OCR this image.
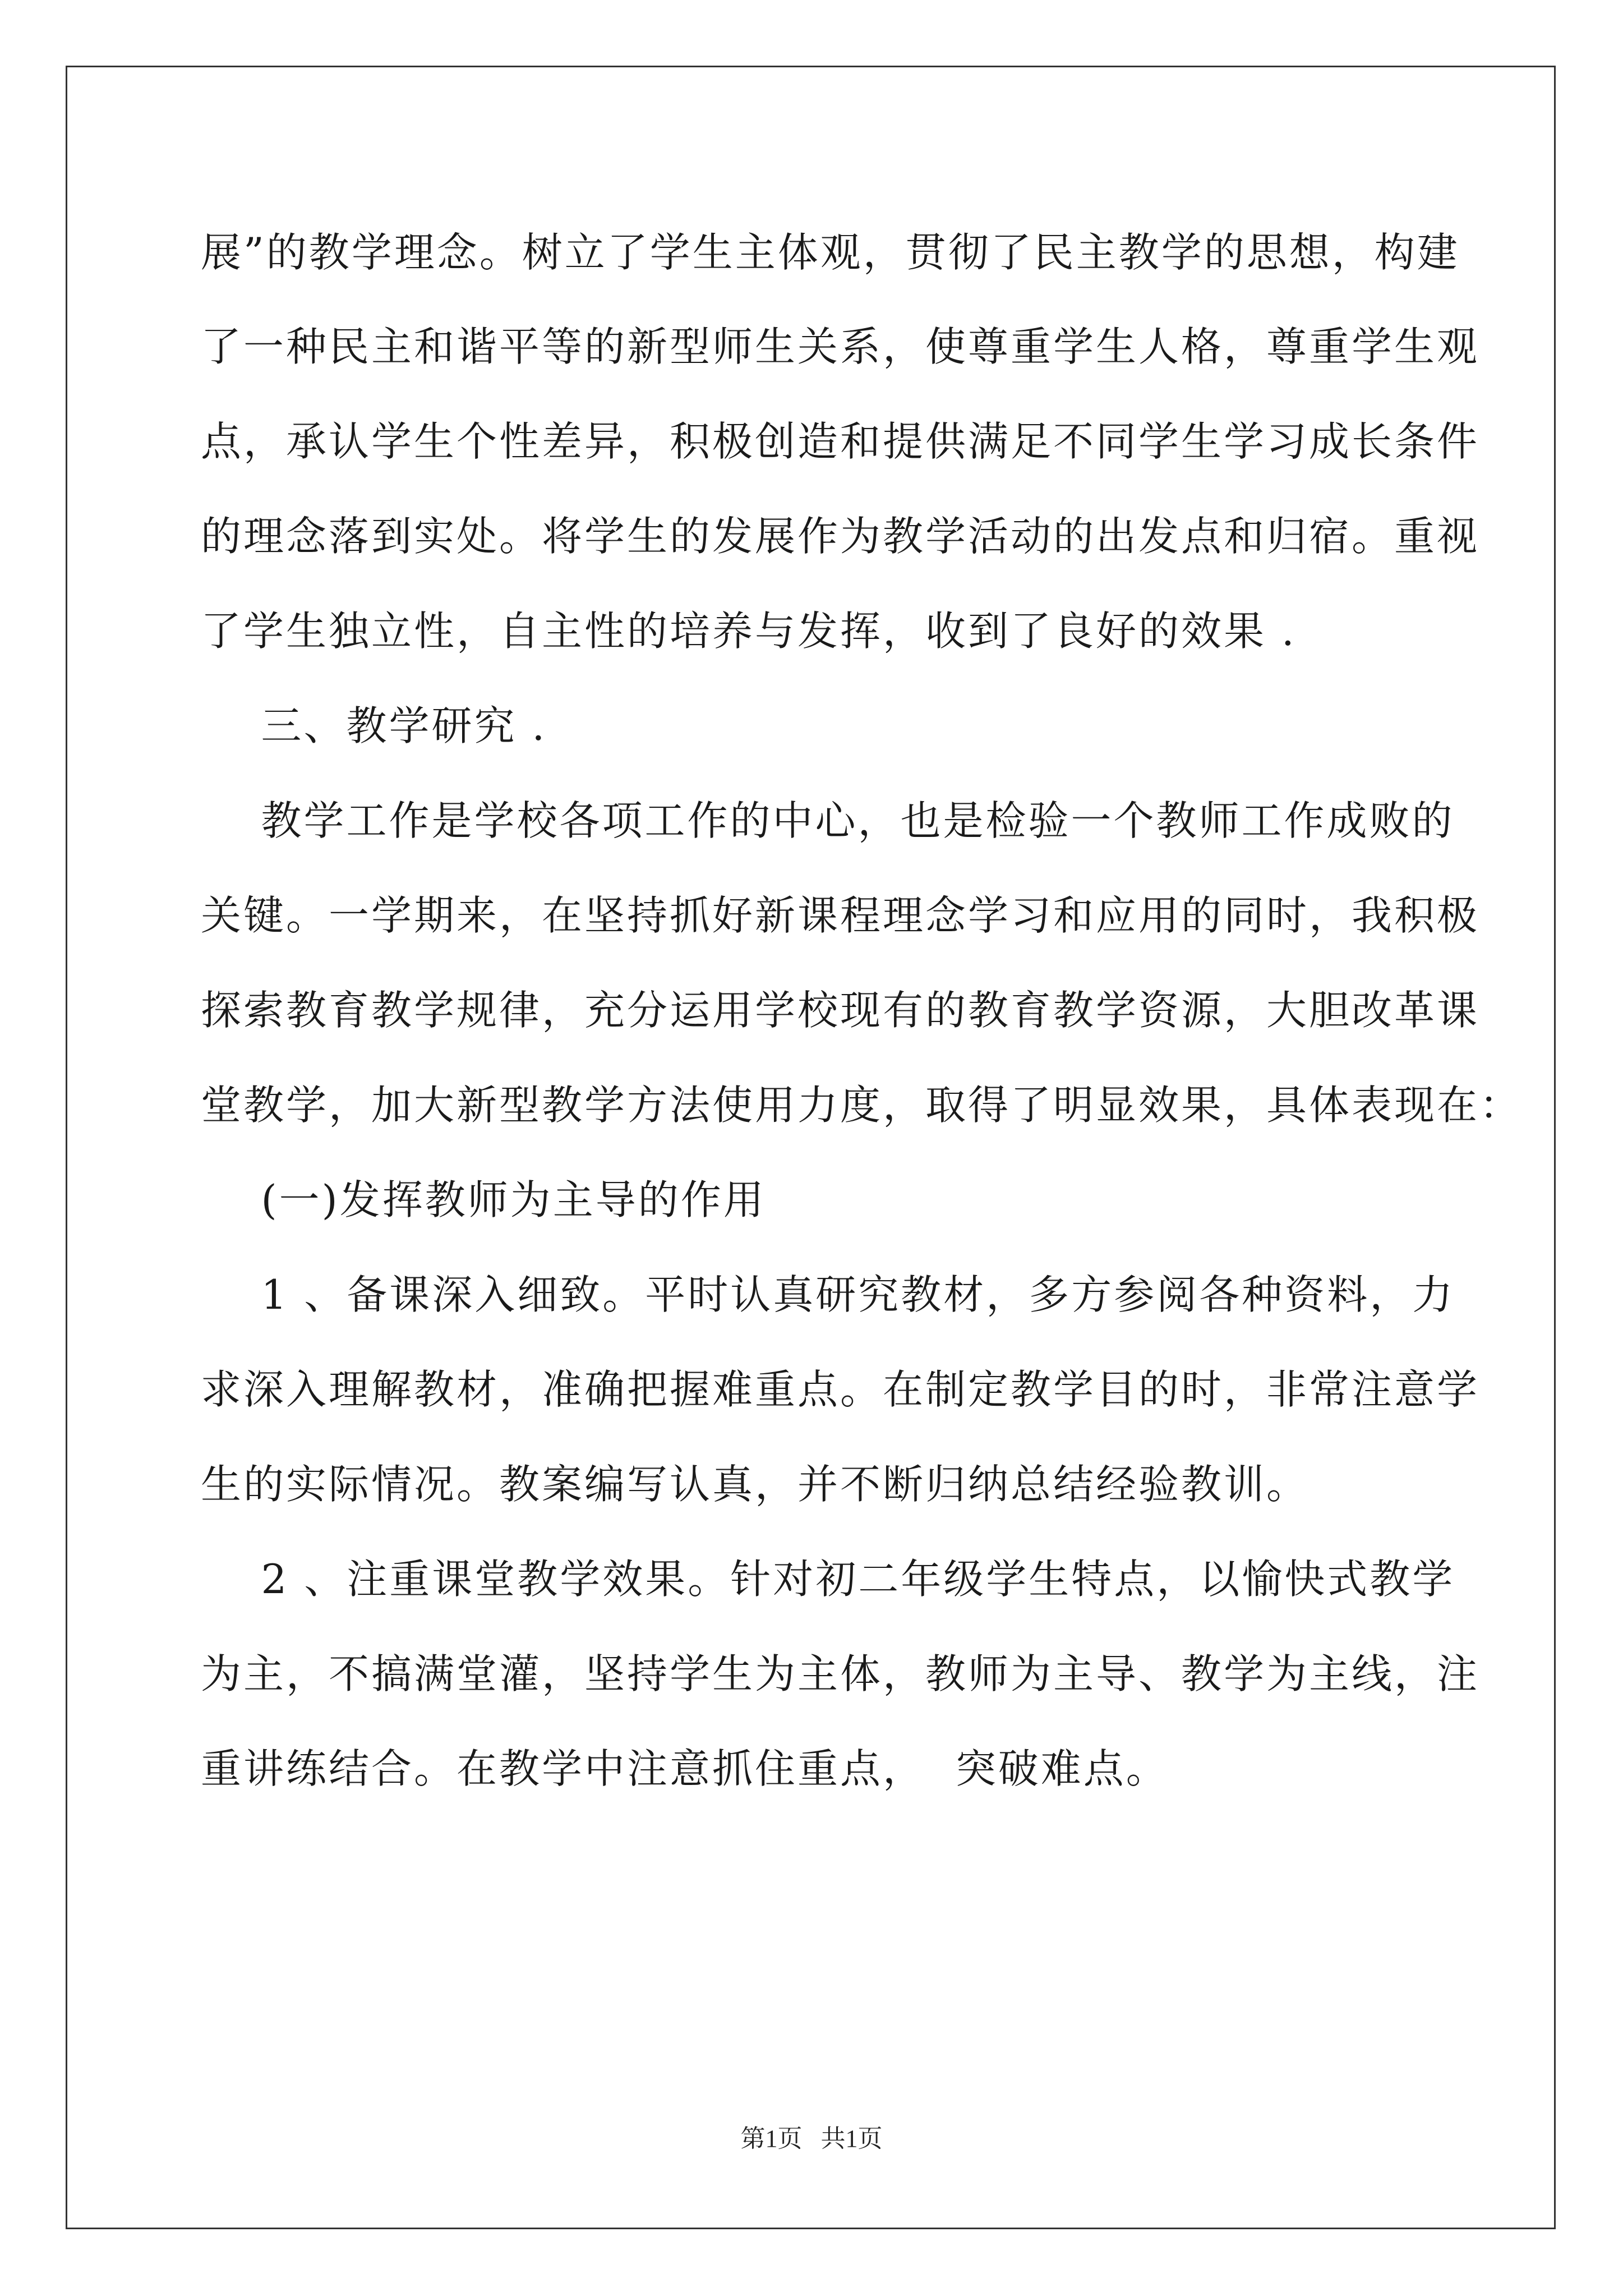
展”的教学理念。树立了学生主体观，贯彻了民主教学的思想，构建
了一种民主和谐平等的新型师生关系，使尊重学生人格，尊重学生观
点，承认学生个性差异，积极创造和提供满足不同学生学习成长条件
的理念落到实处。将学生的发展作为教学活动的出发点和归宿。重视
了学生独立性，自主性的培养与发挥，收到了良好的效果 .
三、教学研究 .
教学工作是学校各项工作的中心，也是检验一个教师工作成败的
关键。一学期来，在坚持抓好新课程理念学习和应用的同时，我积极
探索教育教学规律，充分运用学校现有的教育教学资源，大胆改革课
堂教学，加大新型教学方法使用力度，取得了明显效果，具体表现在：
(一)发挥教师为主导的作用
1 、备课深入细致。平时认真研究教材，多方参阅各种资料，力
求深入理解教材，准确把握难重点。在制定教学目的时，非常注意学
生的实际情况。教案编写认真，并不断归纳总结经验教训。
2 、注重课堂教学效果。针对初二年级学生特点，以愉快式教学
为主，不搞满堂灌，坚持学生为主体，教师为主导、教学为主线，注
重讲练结合。在教学中注意抓住重点，  突破难点。
第1页   共1页
